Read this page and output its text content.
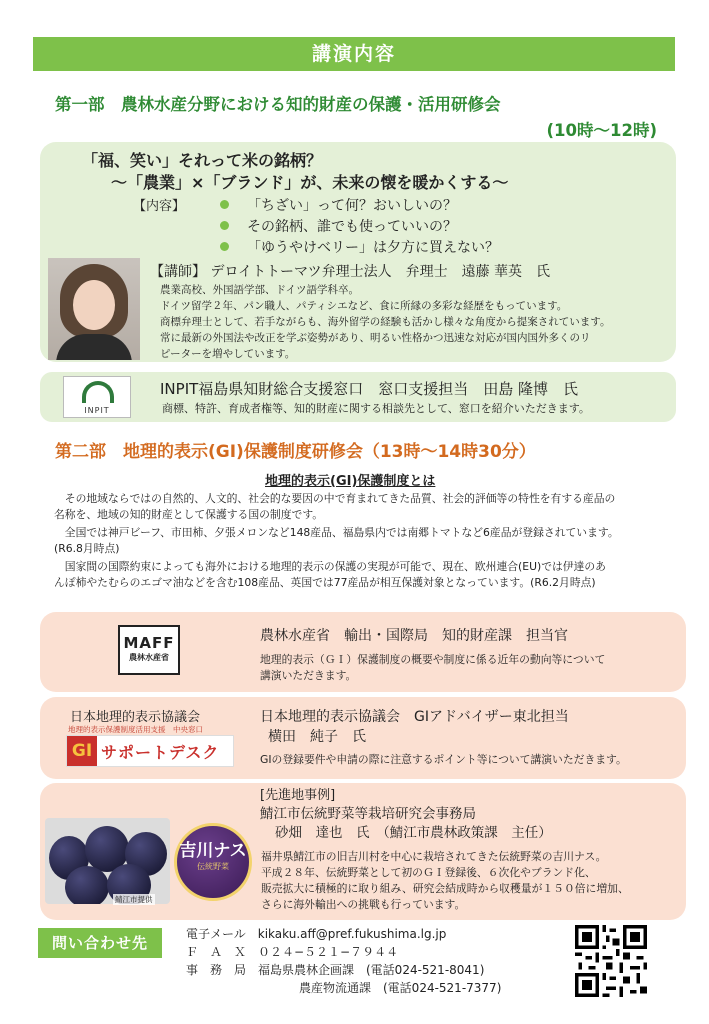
講演内容
第一部　農林水産分野における知的財産の保護・活用研修会
(10時〜12時)
「福、笑い」それって米の銘柄？
〜「農業」×「ブランド」が、未来の懐を暖かくする〜
【内容】	「ちざい」って何？おいしいの？
その銘柄、誰でも使っていいの？
「ゆうやけベリー」は夕方に買えない？
【講師】 デロイトトーマツ弁理士法人　弁理士　遠藤 華英　氏

農業高校、外国語学部、ドイツ語学科卒。

ドイツ留学２年、パン職人、パティシエなど、食に所縁の多彩な経歴をもっています。

商標弁理士として、若手ながらも、海外留学の経験も活かし様々な角度から提案されています。

常に最新の外国法や改正を学ぶ姿勢があり、明るい性格かつ迅速な対応が国内国外多くのリ

ピーターを増やしています。

INPIT
INPIT福島県知財総合支援窓口　窓口支援担当　田島 隆博　氏
商標、特許、育成者権等、知的財産に関する相談先として、窓口を紹介いただきます。
第二部　地理的表示(GI)保護制度研修会（13時〜14時30分）
地理的表示(GI)保護制度とは

　その地域ならではの自然的、人文的、社会的な要因の中で育まれてきた品質、社会的評価等の特性を有する産品の

名称を、地域の知的財産として保護する国の制度です。

　全国では神戸ビーフ、市田柿、夕張メロンなど148産品、福島県内では南郷トマトなど6産品が登録されています。

(R6.8月時点)

　国家間の国際約束によっても海外における地理的表示の保護の実現が可能で、現在、欧州連合(EU)では伊達のあ

んぽ柿やたむらのエゴマ油などを含む108産品、英国では77産品が相互保護対象となっています。(R6.2月時点)

MAFF
農林水産省
農林水産省　輸出・国際局　知的財産課　担当官

地理的表示（ＧＩ）保護制度の概要や制度に係る近年の動向等について

講演いただきます。

日本地理的表示協議会
地理的表示保護制度活用支援　中央窓口
GI サポートデスク
日本地理的表示協議会　GIアドバイザー東北担当
横田　純子　氏
GIの登録要件や申請の際に注意するポイント等について講演いただきます。
鯖江市提供
吉川ナス
伝統野菜
[先進地事例]
鯖江市伝統野菜等栽培研究会事務局
砂畑　達也　氏　（鯖江市農林政策課　主任）

福井県鯖江市の旧吉川村を中心に栽培されてきた伝統野菜の吉川ナス。

平成２８年、伝統野菜として初のＧＩ登録後、６次化やブランド化、

販売拡大に積極的に取り組み、研究会結成時から収穫量が１５０倍に増加、

さらに海外輸出への挑戦も行っています。

問い合わせ先	電子メール　kikaku.aff@pref.fukushima.lg.jp

Ｆ　Ａ　Ｘ　０２４−５２１−７９４４

事　務　局　福島県農林企画課　(電話024-521-8041)

農産物流通課　(電話024-521-7377)
